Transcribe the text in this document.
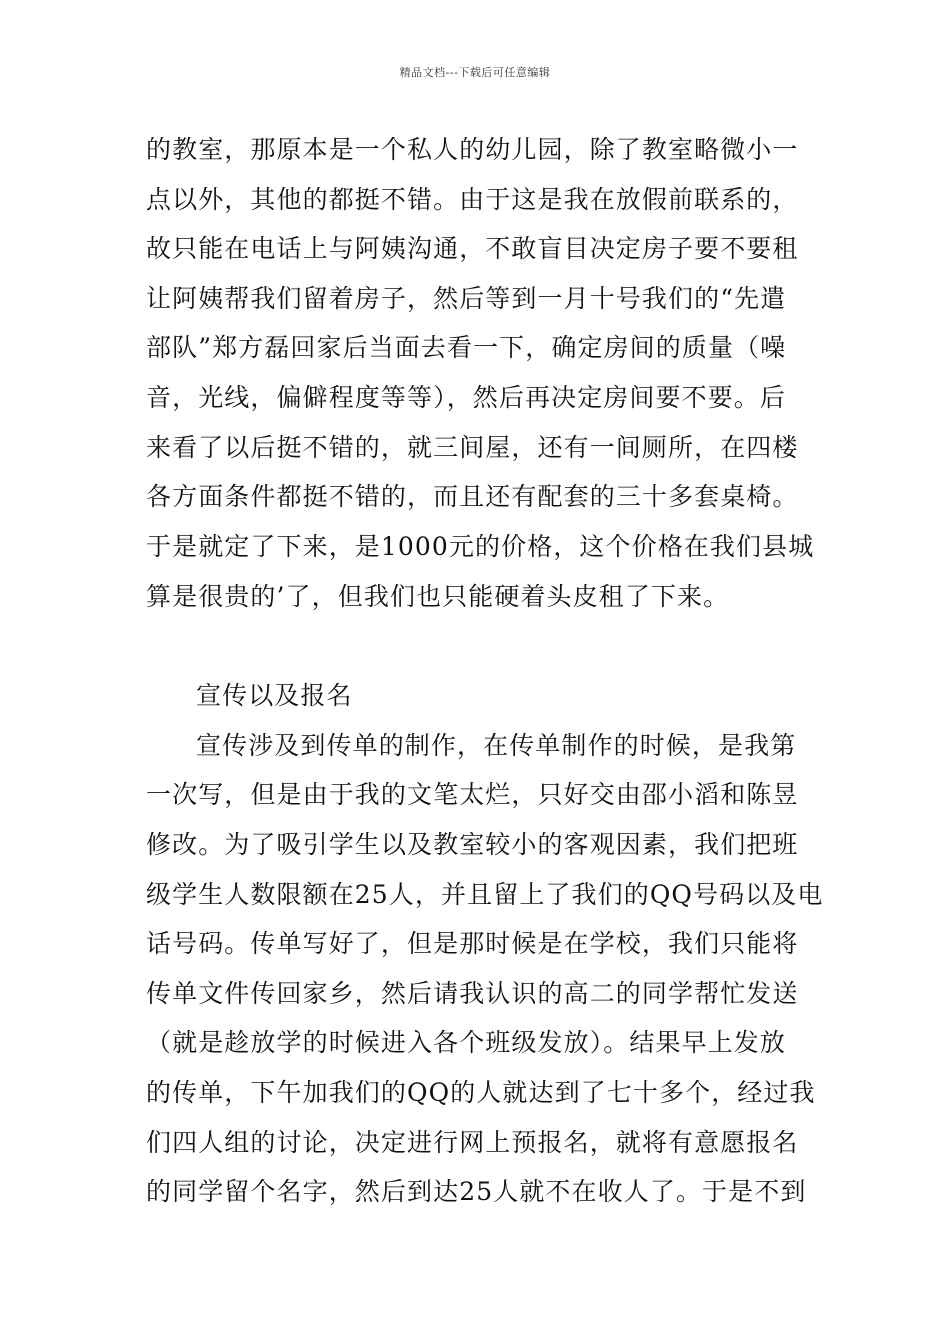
精品文档---下载后可任意编辑
的教室，那原本是一个私人的幼儿园，除了教室略微小一
点以外，其他的都挺不错。由于这是我在放假前联系的，
故只能在电话上与阿姨沟通，不敢盲目决定房子要不要租
让阿姨帮我们留着房子，然后等到一月十号我们的“先遣
部队”郑方磊回家后当面去看一下，确定房间的质量（噪
音，光线，偏僻程度等等），然后再决定房间要不要。后
来看了以后挺不错的，就三间屋，还有一间厕所，在四楼
各方面条件都挺不错的，而且还有配套的三十多套桌椅。
于是就定了下来，是1000元的价格，这个价格在我们县城
算是很贵的’了，但我们也只能硬着头皮租了下来。
宣传以及报名
宣传涉及到传单的制作，在传单制作的时候，是我第
一次写，但是由于我的文笔太烂，只好交由邵小滔和陈昱
修改。为了吸引学生以及教室较小的客观因素，我们把班
级学生人数限额在25人，并且留上了我们的QQ号码以及电
话号码。传单写好了，但是那时候是在学校，我们只能将
传单文件传回家乡，然后请我认识的高二的同学帮忙发送
（就是趁放学的时候进入各个班级发放）。结果早上发放
的传单，下午加我们的QQ的人就达到了七十多个，经过我
们四人组的讨论，决定进行网上预报名，就将有意愿报名
的同学留个名字，然后到达25人就不在收人了。于是不到
